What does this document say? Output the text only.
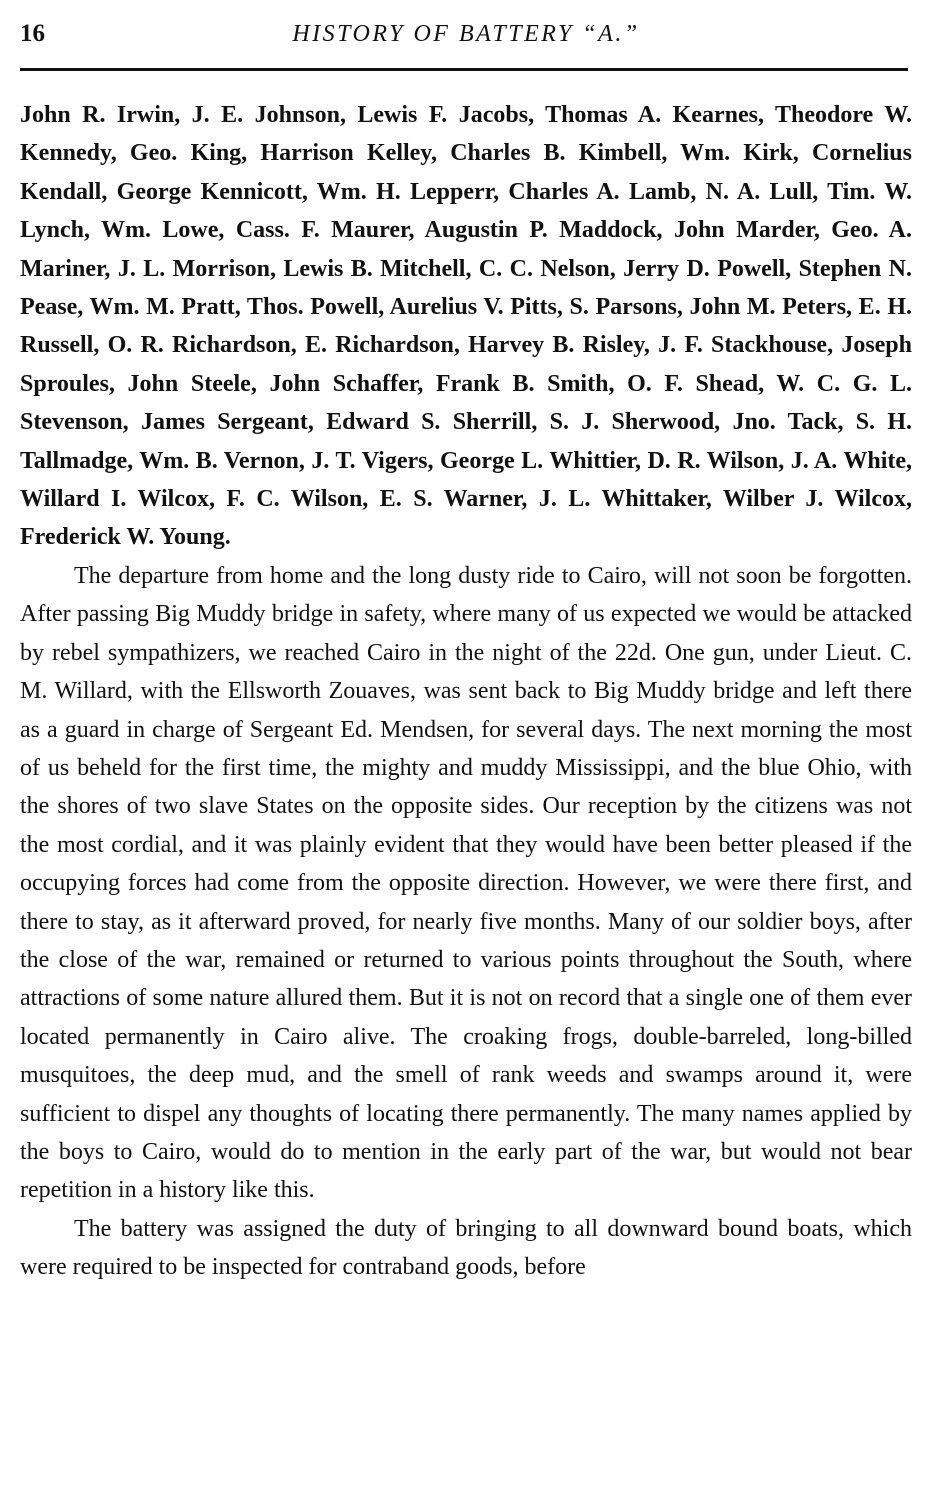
16	HISTORY OF BATTERY “A.”

John R. Irwin, J. E. Johnson, Lewis F. Jacobs, Thomas A. Kearnes, Theodore W. Kennedy, Geo. King, Harrison Kelley, Charles B. Kimbell, Wm. Kirk, Cornelius Kendall, George Kennicott, Wm. H. Lepperr, Charles A. Lamb, N. A. Lull, Tim. W. Lynch, Wm. Lowe, Cass. F. Maurer, Augustin P. Maddock, John Marder, Geo. A. Mariner, J. L. Morrison, Lewis B. Mitchell, C. C. Nelson, Jerry D. Powell, Stephen N. Pease, Wm. M. Pratt, Thos. Powell, Aurelius V. Pitts, S. Parsons, John M. Peters, E. H. Russell, O. R. Richardson, E. Richardson, Harvey B. Risley, J. F. Stackhouse, Joseph Sproules, John Steele, John Schaffer, Frank B. Smith, O. F. Shead, W. C. G. L. Stevenson, James Sergeant, Edward S. Sherrill, S. J. Sherwood, Jno. Tack, S. H. Tallmadge, Wm. B. Vernon, J. T. Vigers, George L. Whittier, D. R. Wilson, J. A. White, Willard I. Wilcox, F. C. Wilson, E. S. Warner, J. L. Whittaker, Wilber J. Wilcox, Frederick W. Young.

The departure from home and the long dusty ride to Cairo, will not soon be forgotten. After passing Big Muddy bridge in safety, where many of us expected we would be attacked by rebel sympathizers, we reached Cairo in the night of the 22d. One gun, under Lieut. C. M. Willard, with the Ellsworth Zouaves, was sent back to Big Muddy bridge and left there as a guard in charge of Sergeant Ed. Mendsen, for several days. The next morning the most of us beheld for the first time, the mighty and muddy Mississippi, and the blue Ohio, with the shores of two slave States on the opposite sides. Our reception by the citizens was not the most cordial, and it was plainly evident that they would have been better pleased if the occupying forces had come from the opposite direction. However, we were there first, and there to stay, as it afterward proved, for nearly five months. Many of our soldier boys, after the close of the war, remained or returned to various points throughout the South, where attractions of some nature allured them. But it is not on record that a single one of them ever located permanently in Cairo alive. The croaking frogs, double-barreled, long-billed musquitoes, the deep mud, and the smell of rank weeds and swamps around it, were sufficient to dispel any thoughts of locating there permanently. The many names applied by the boys to Cairo, would do to mention in the early part of the war, but would not bear repetition in a history like this.

The battery was assigned the duty of bringing to all downward bound boats, which were required to be inspected for contraband goods, before
